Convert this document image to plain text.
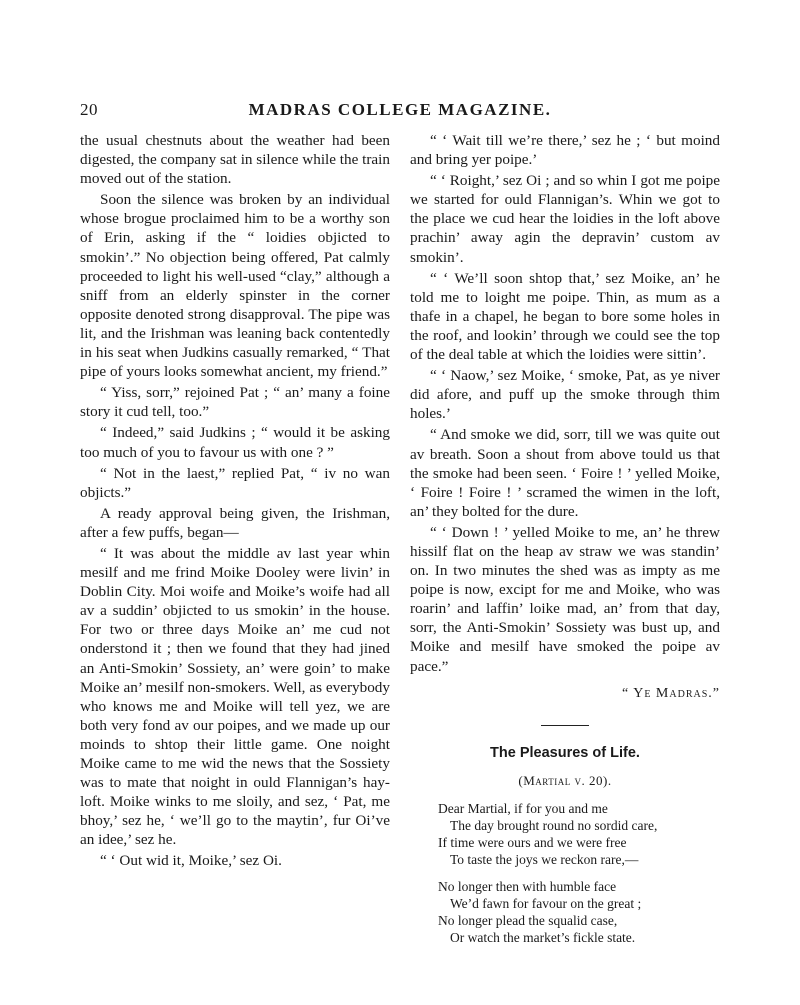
20	MADRAS COLLEGE MAGAZINE.

the usual chestnuts about the weather had been digested, the company sat in silence while the train moved out of the station.

Soon the silence was broken by an individual whose brogue proclaimed him to be a worthy son of Erin, asking if the “ loidies objicted to smokin’.” No objection being offered, Pat calmly proceeded to light his well-used “clay,” although a sniff from an elderly spinster in the corner opposite denoted strong disapproval. The pipe was lit, and the Irishman was leaning back contentedly in his seat when Judkins casually remarked, “ That pipe of yours looks somewhat ancient, my friend.”

“ Yiss, sorr,” rejoined Pat ; “ an’ many a foine story it cud tell, too.”

“ Indeed,” said Judkins ; “ would it be asking too much of you to favour us with one ? ”

“ Not in the laest,” replied Pat, “ iv no wan objicts.”

A ready approval being given, the Irishman, after a few puffs, began—

“ It was about the middle av last year whin mesilf and me frind Moike Dooley were livin’ in Doblin City. Moi woife and Moike’s woife had all av a suddin’ objicted to us smokin’ in the house. For two or three days Moike an’ me cud not onderstond it ; then we found that they had jined an Anti-Smokin’ Sossiety, an’ were goin’ to make Moike an’ mesilf non-smokers. Well, as everybody who knows me and Moike will tell yez, we are both very fond av our poipes, and we made up our moinds to shtop their little game. One noight Moike came to me wid the news that the Sossiety was to mate that noight in ould Flannigan’s hay-loft. Moike winks to me sloily, and sez, ‘ Pat, me bhoy,’ sez he, ‘ we’ll go to the maytin’, fur Oi’ve an idee,’ sez he.

“ ‘ Out wid it, Moike,’ sez Oi.

“ ‘ Wait till we’re there,’ sez he ; ‘ but moind and bring yer poipe.’

“ ‘ Roight,’ sez Oi ; and so whin I got me poipe we started for ould Flannigan’s. Whin we got to the place we cud hear the loidies in the loft above prachin’ away agin the depravin’ custom av smokin’.

“ ‘ We’ll soon shtop that,’ sez Moike, an’ he told me to loight me poipe. Thin, as mum as a thafe in a chapel, he began to bore some holes in the roof, and lookin’ through we could see the top of the deal table at which the loidies were sittin’.

“ ‘ Naow,’ sez Moike, ‘ smoke, Pat, as ye niver did afore, and puff up the smoke through thim holes.’

“ And smoke we did, sorr, till we was quite out av breath. Soon a shout from above tould us that the smoke had been seen. ‘ Foire ! ’ yelled Moike, ‘ Foire ! Foire ! ’ scramed the wimen in the loft, an’ they bolted for the dure.

“ ‘ Down ! ’ yelled Moike to me, an’ he threw hissilf flat on the heap av straw we was standin’ on. In two minutes the shed was as impty as me poipe is now, excipt for me and Moike, who was roarin’ and laffin’ loike mad, an’ from that day, sorr, the Anti-Smokin’ Sossiety was bust up, and Moike and mesilf have smoked the poipe av pace.”

“ Ye Madras.”
The Pleasures of Life.
(Martial v. 20).
Dear Martial, if for you and me
The day brought round no sordid care,
If time were ours and we were free
To taste the joys we reckon rare,—
No longer then with humble face
We’d fawn for favour on the great ;
No longer plead the squalid case,
Or watch the market’s fickle state.
